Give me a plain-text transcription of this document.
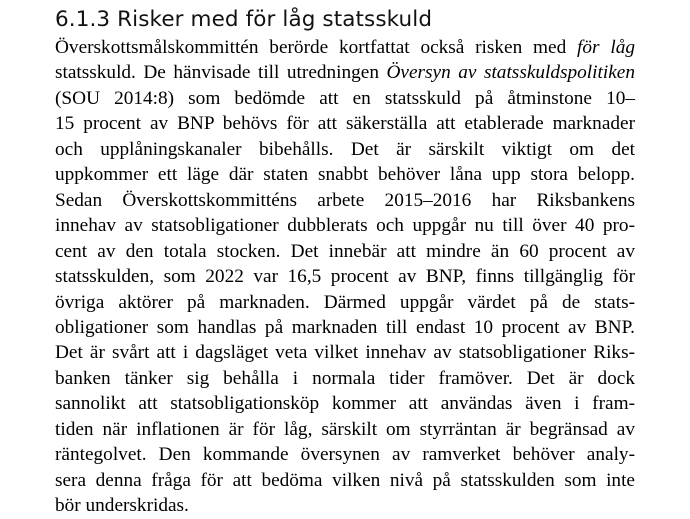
6.1.3 Risker med för låg statsskuld
Överskottsmålskommittén berörde kortfattat också risken med för låg
statsskuld. De hänvisade till utredningen Översyn av statsskuldspolitiken
(SOU 2014:8) som bedömde att en statsskuld på åtminstone 10–
15 procent av BNP behövs för att säkerställa att etablerade marknader
och upplåningskanaler bibehålls. Det är särskilt viktigt om det
uppkommer ett läge där staten snabbt behöver låna upp stora belopp.
Sedan Överskottskommitténs arbete 2015–2016 har Riksbankens
innehav av statsobligationer dubblerats och uppgår nu till över 40 pro-
cent av den totala stocken. Det innebär att mindre än 60 procent av
statsskulden, som 2022 var 16,5 procent av BNP, finns tillgänglig för
övriga aktörer på marknaden. Därmed uppgår värdet på de stats-
obligationer som handlas på marknaden till endast 10 procent av BNP.
Det är svårt att i dagsläget veta vilket innehav av statsobligationer Riks-
banken tänker sig behålla i normala tider framöver. Det är dock
sannolikt att statsobligationsköp kommer att användas även i fram-
tiden när inflationen är för låg, särskilt om styrräntan är begränsad av
räntegolvet. Den kommande översynen av ramverket behöver analy-
sera denna fråga för att bedöma vilken nivå på statsskulden som inte
bör underskridas.
